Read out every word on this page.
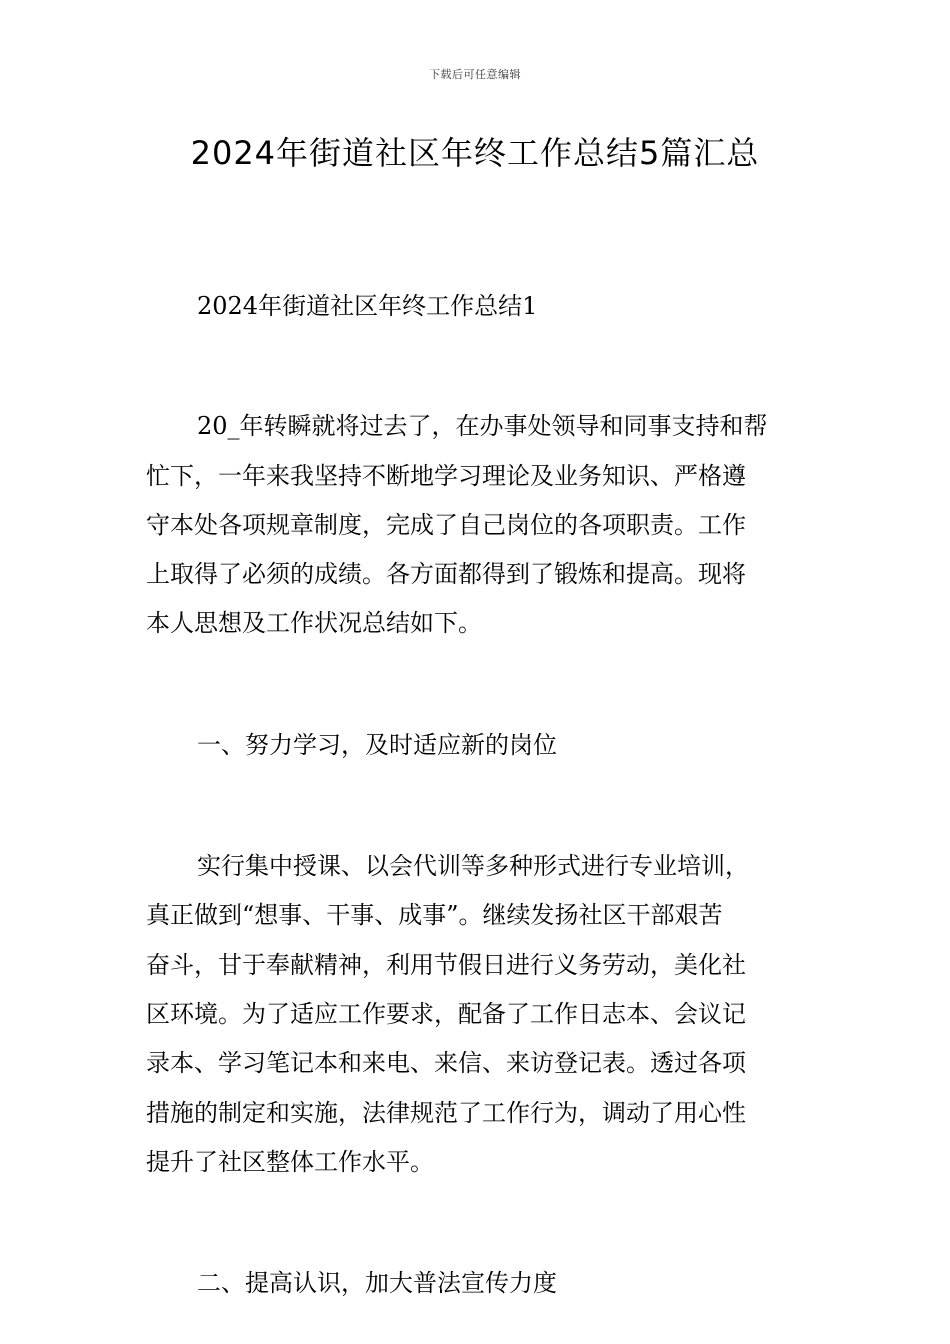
下载后可任意编辑
2024年街道社区年终工作总结5篇汇总

2024年街道社区年终工作总结1

20_年转瞬就将过去了，在办事处领导和同事支持和帮

忙下，一年来我坚持不断地学习理论及业务知识、严格遵

守本处各项规章制度，完成了自己岗位的各项职责。工作

上取得了必须的成绩。各方面都得到了锻炼和提高。现将

本人思想及工作状况总结如下。

一、努力学习，及时适应新的岗位

实行集中授课、以会代训等多种形式进行专业培训，

真正做到“想事、干事、成事”。继续发扬社区干部艰苦

奋斗，甘于奉献精神，利用节假日进行义务劳动，美化社

区环境。为了适应工作要求，配备了工作日志本、会议记

录本、学习笔记本和来电、来信、来访登记表。透过各项

措施的制定和实施，法律规范了工作行为，调动了用心性

提升了社区整体工作水平。

二、提高认识，加大普法宣传力度
